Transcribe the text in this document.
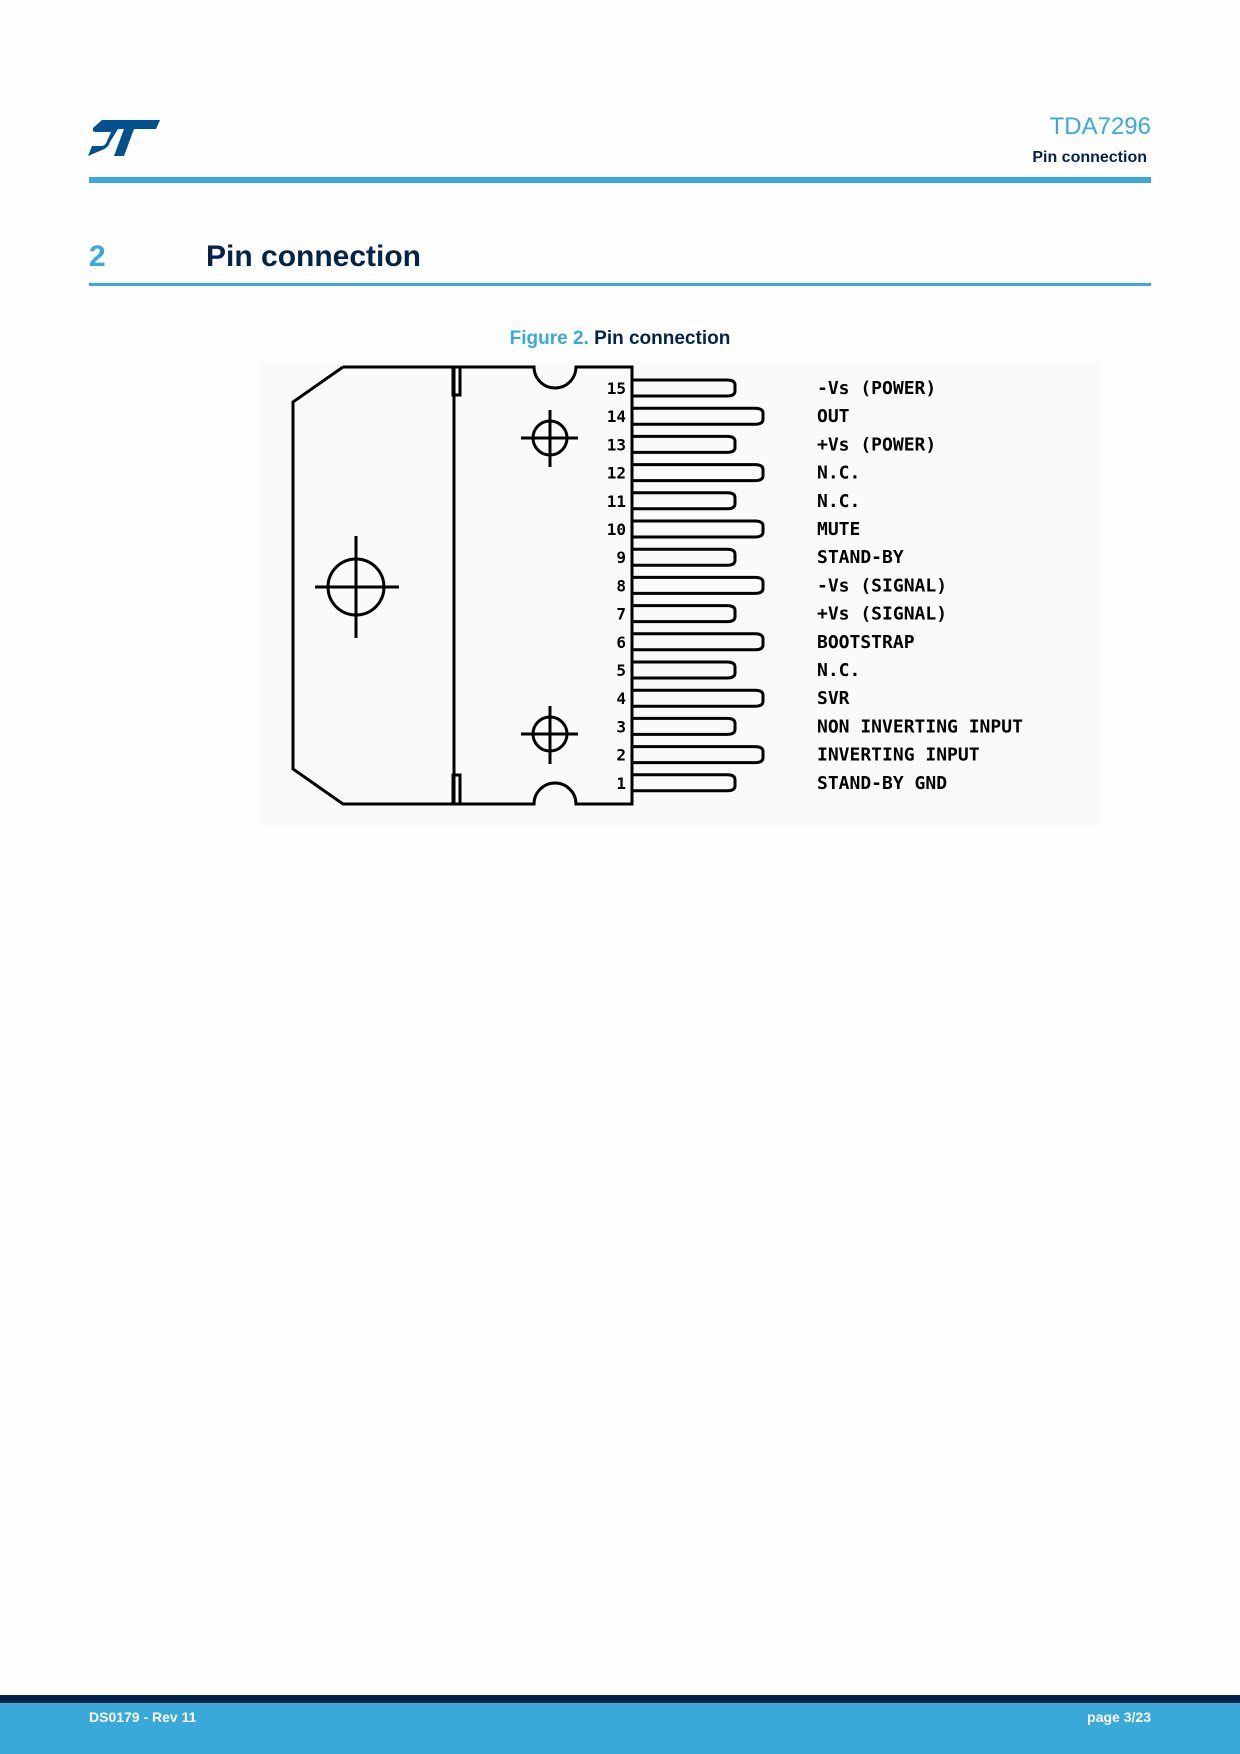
TDA7296
Pin connection
2	Pin connection
Figure 2. Pin connection
15	-Vs (POWER)
14	OUT
13	+Vs (POWER)
12	N.C.
11	N.C.
10	MUTE
9	STAND-BY
8	-Vs (SIGNAL)
7	+Vs (SIGNAL)
6	BOOTSTRAP
5	N.C.
4	SVR
3	NON INVERTING INPUT
2	INVERTING INPUT
1	STAND-BY GND
DS0179 - Rev 11	page 3/23
